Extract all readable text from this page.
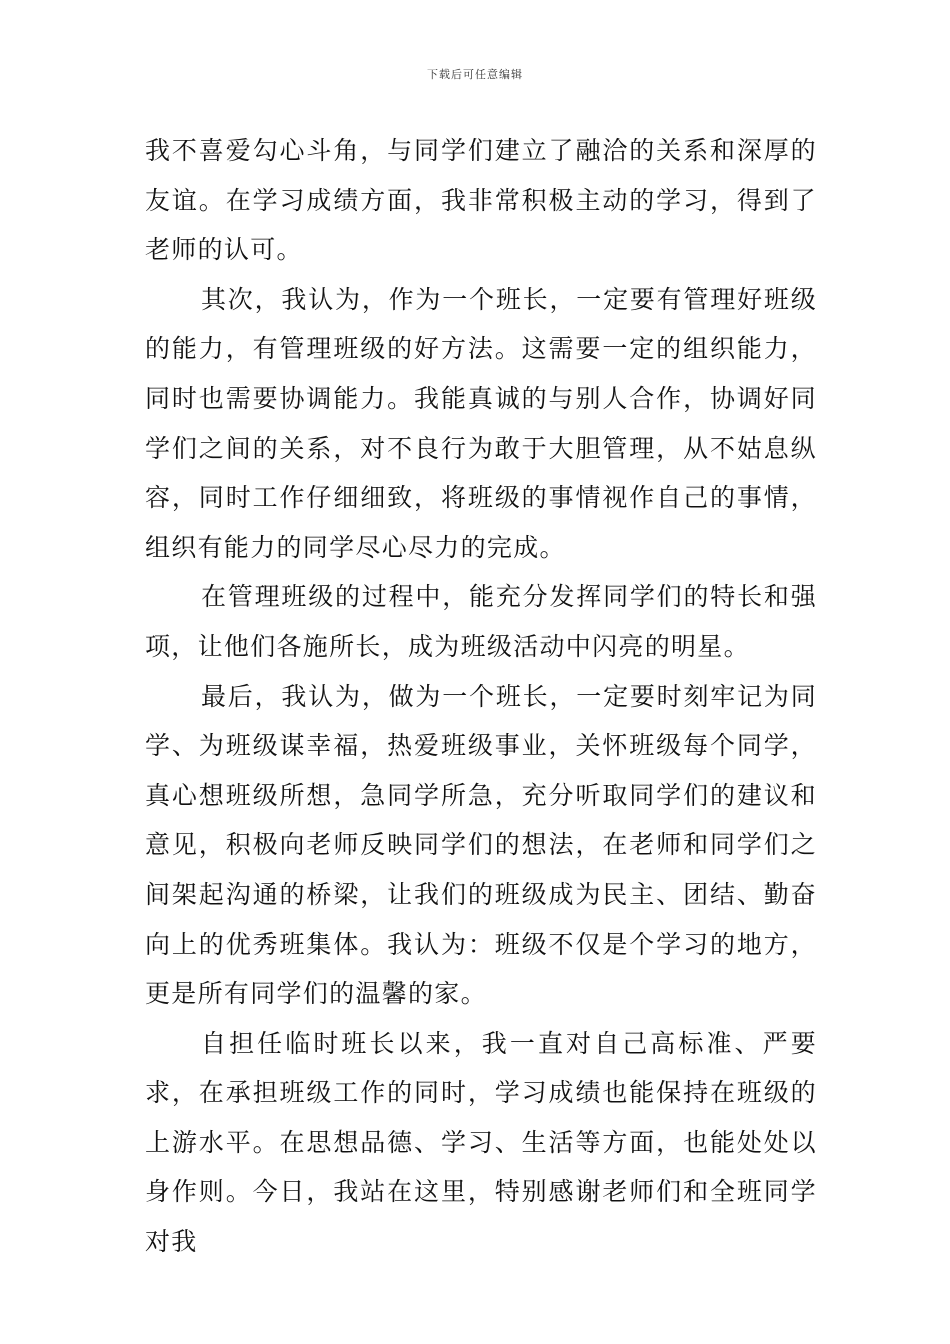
下载后可任意编辑

我不喜爱勾心斗角，与同学们建立了融洽的关系和深厚的友谊。在学习成绩方面，我非常积极主动的学习，得到了老师的认可。

其次，我认为，作为一个班长，一定要有管理好班级的能力，有管理班级的好方法。这需要一定的组织能力，同时也需要协调能力。我能真诚的与别人合作，协调好同学们之间的关系，对不良行为敢于大胆管理，从不姑息纵容，同时工作仔细细致，将班级的事情视作自己的事情，组织有能力的同学尽心尽力的完成。

在管理班级的过程中，能充分发挥同学们的特长和强项，让他们各施所长，成为班级活动中闪亮的明星。

最后，我认为，做为一个班长，一定要时刻牢记为同学、为班级谋幸福，热爱班级事业，关怀班级每个同学，真心想班级所想，急同学所急，充分听取同学们的建议和意见，积极向老师反映同学们的想法，在老师和同学们之间架起沟通的桥梁，让我们的班级成为民主、团结、勤奋向上的优秀班集体。我认为：班级不仅是个学习的地方，更是所有同学们的温馨的家。

自担任临时班长以来，我一直对自己高标准、严要求，在承担班级工作的同时，学习成绩也能保持在班级的上游水平。在思想品德、学习、生活等方面，也能处处以身作则。今日，我站在这里，特别感谢老师们和全班同学对我
